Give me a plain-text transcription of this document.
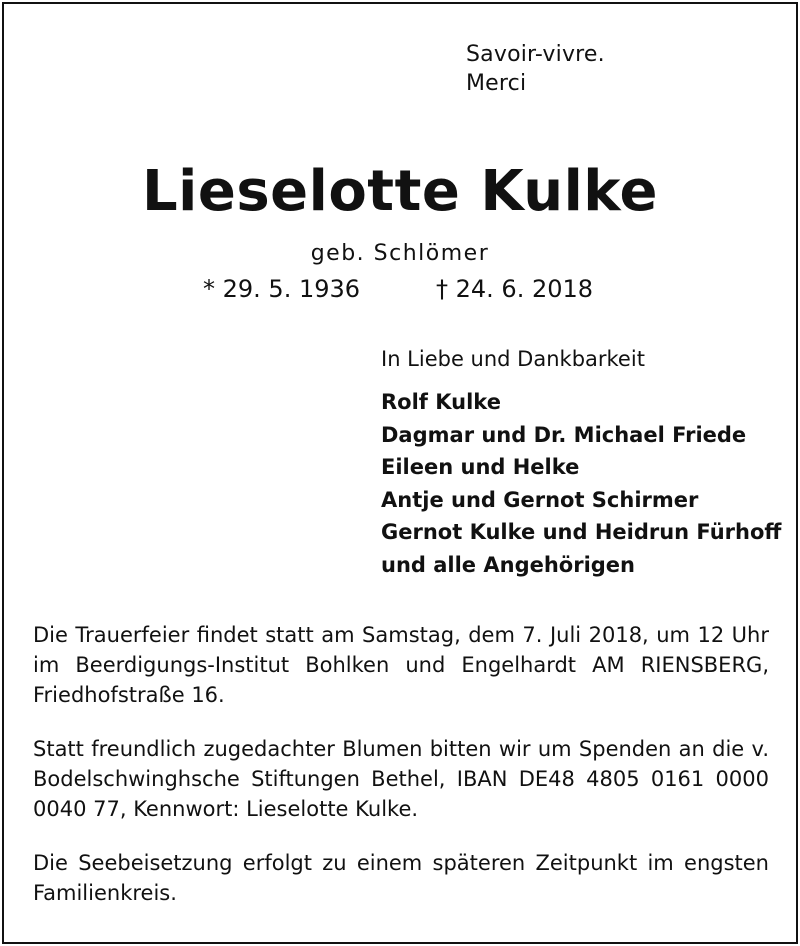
Savoir-vivre.
Merci
Lieselotte Kulke
geb. Schlömer
* 29. 5. 1936	† 24. 6. 2018
In Liebe und Dankbarkeit
Rolf Kulke
Dagmar und Dr. Michael Friede
Eileen und Helke
Antje und Gernot Schirmer
Gernot Kulke und Heidrun Fürhoff
und alle Angehörigen

Die Trauerfeier findet statt am Samstag, dem 7. Juli 2018, um 12 Uhr im Beerdigungs-Institut Bohlken und Engelhardt AM RIENSBERG, Friedhofstraße 16.

Statt freundlich zugedachter Blumen bitten wir um Spenden an die v. Bodelschwinghsche Stiftungen Bethel, IBAN DE48 4805 0161 0000 0040 77, Kennwort: Lieselotte Kulke.

Die Seebeisetzung erfolgt zu einem späteren Zeitpunkt im engsten Familienkreis.
